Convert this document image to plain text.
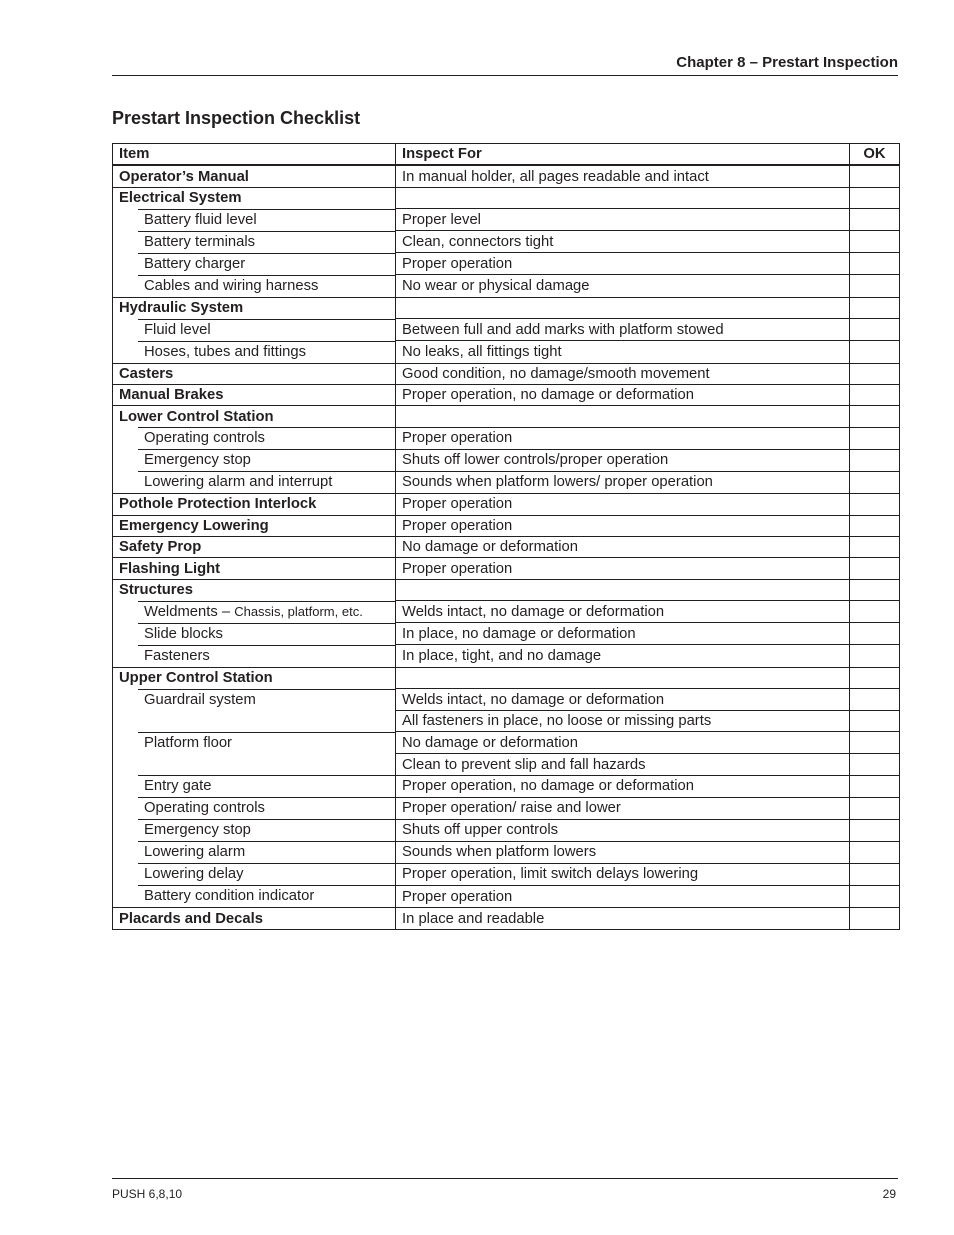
Chapter 8 – Prestart Inspection
Prestart Inspection Checklist
Item	Inspect For	OK
Operator’s Manual	In manual holder, all pages readable and intact	
Electrical System		

Battery fluid level	Proper level	

Battery terminals	Clean, connectors tight	

Battery charger	Proper operation	

Cables and wiring harness	No wear or physical damage	
Hydraulic System		

Fluid level	Between full and add marks with platform stowed	

Hoses, tubes and fittings	No leaks, all fittings tight	
Casters	Good condition, no damage/smooth movement	
Manual Brakes	Proper operation, no damage or deformation	
Lower Control Station		

Operating controls	Proper operation	

Emergency stop	Shuts off lower controls/proper operation	

Lowering alarm and interrupt	Sounds when platform lowers/ proper operation	
Pothole Protection Interlock	Proper operation	
Emergency Lowering	Proper operation	
Safety Prop	No damage or deformation	
Flashing Light	Proper operation	
Structures		

Weldments – Chassis, platform, etc.	Welds intact, no damage or deformation	

Slide blocks	In place, no damage or deformation	

Fasteners	In place, tight, and no damage	
Upper Control Station		

Guardrail system	Welds intact, no damage or deformation	

	All fasteners in place, no loose or missing parts	

Platform floor	No damage or deformation	

	Clean to prevent slip and fall hazards	

Entry gate	Proper operation, no damage or deformation	

Operating controls	Proper operation/ raise and lower	

Emergency stop	Shuts off upper controls	

Lowering alarm	Sounds when platform lowers	

Lowering delay	Proper operation, limit switch delays lowering	

Battery condition indicator	Proper operation	
Placards and Decals	In place and readable	
PUSH 6,8,10	29
